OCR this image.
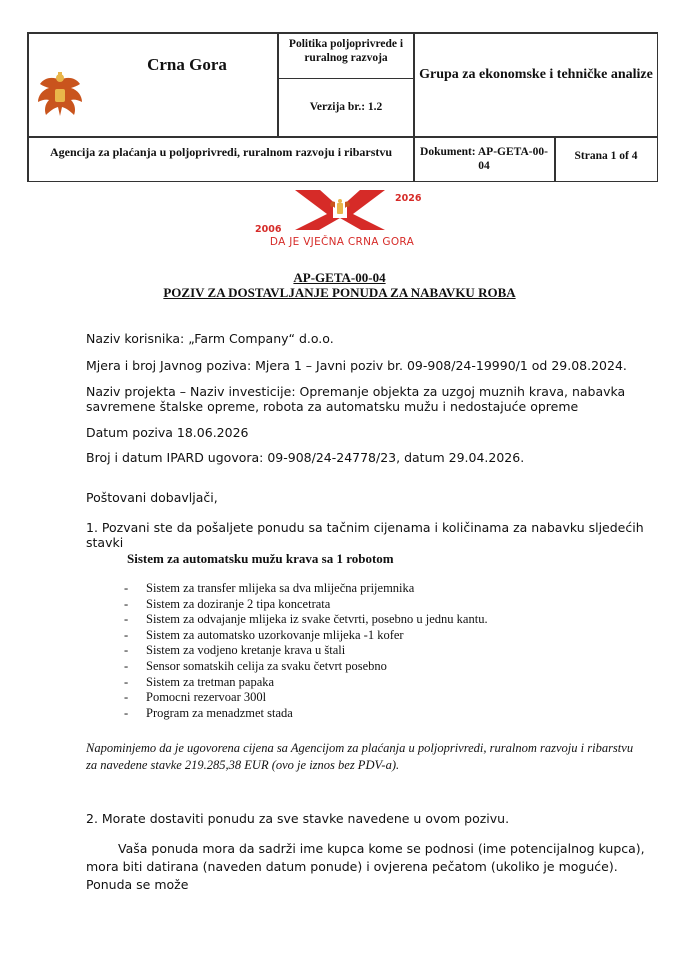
Crna Gora
Politika poljoprivrede i ruralnog razvoja
Verzija br.: 1.2
Grupa za ekonomske i tehničke analize
Agencija za plaćanja u poljoprivredi, ruralnom razvoju i ribarstvu	Dokument: AP-GETA-00-04
Strana 1 of 4
2006
2026
DA JE VJEČNA CRNA GORA
AP-GETA-00-04
POZIV ZA DOSTAVLJANJE PONUDA ZA NABAVKU ROBA
Naziv korisnika: „Farm Company“ d.o.o.
Mjera i broj Javnog poziva: Mjera 1 – Javni poziv br. 09-908/24-19990/1 od 29.08.2024.
Naziv projekta – Naziv investicije: Opremanje objekta za uzgoj muznih krava, nabavka savremene štalske opreme, robota za automatsku mužu i nedostajuće opreme
Datum poziva 18.06.2026
Broj i datum IPARD ugovora: 09-908/24-24778/23, datum 29.04.2026.
Poštovani dobavljači,
1. Pozvani ste da pošaljete ponudu sa tačnim cijenama i količinama za nabavku sljedećih stavki
Sistem za automatsku mužu krava sa 1 robotom
- Sistem za transfer mlijeka sa dva mliječna prijemnika
- Sistem za doziranje 2 tipa koncetrata
- Sistem za odvajanje mlijeka iz svake četvrti, posebno u jednu kantu.
- Sistem za automatsko uzorkovanje mlijeka -1 kofer
- Sistem za vodjeno kretanje krava u štali
- Sensor somatskih celija za svaku četvrt posebno
- Sistem za tretman papaka
- Pomocni rezervoar 300l
- Program za menadzmet stada
Napominjemo da je ugovorena cijena sa Agencijom za plaćanja u poljoprivredi, ruralnom razvoju i ribarstvu za navedene stavke 219.285,38 EUR (ovo je iznos bez PDV-a).
2. Morate dostaviti ponudu za sve stavke navedene u ovom pozivu.
Vaša ponuda mora da sadrži ime kupca kome se podnosi (ime potencijalnog kupca), mora biti datirana (naveden datum ponude) i ovjerena pečatom (ukoliko je moguće). Ponuda se može
